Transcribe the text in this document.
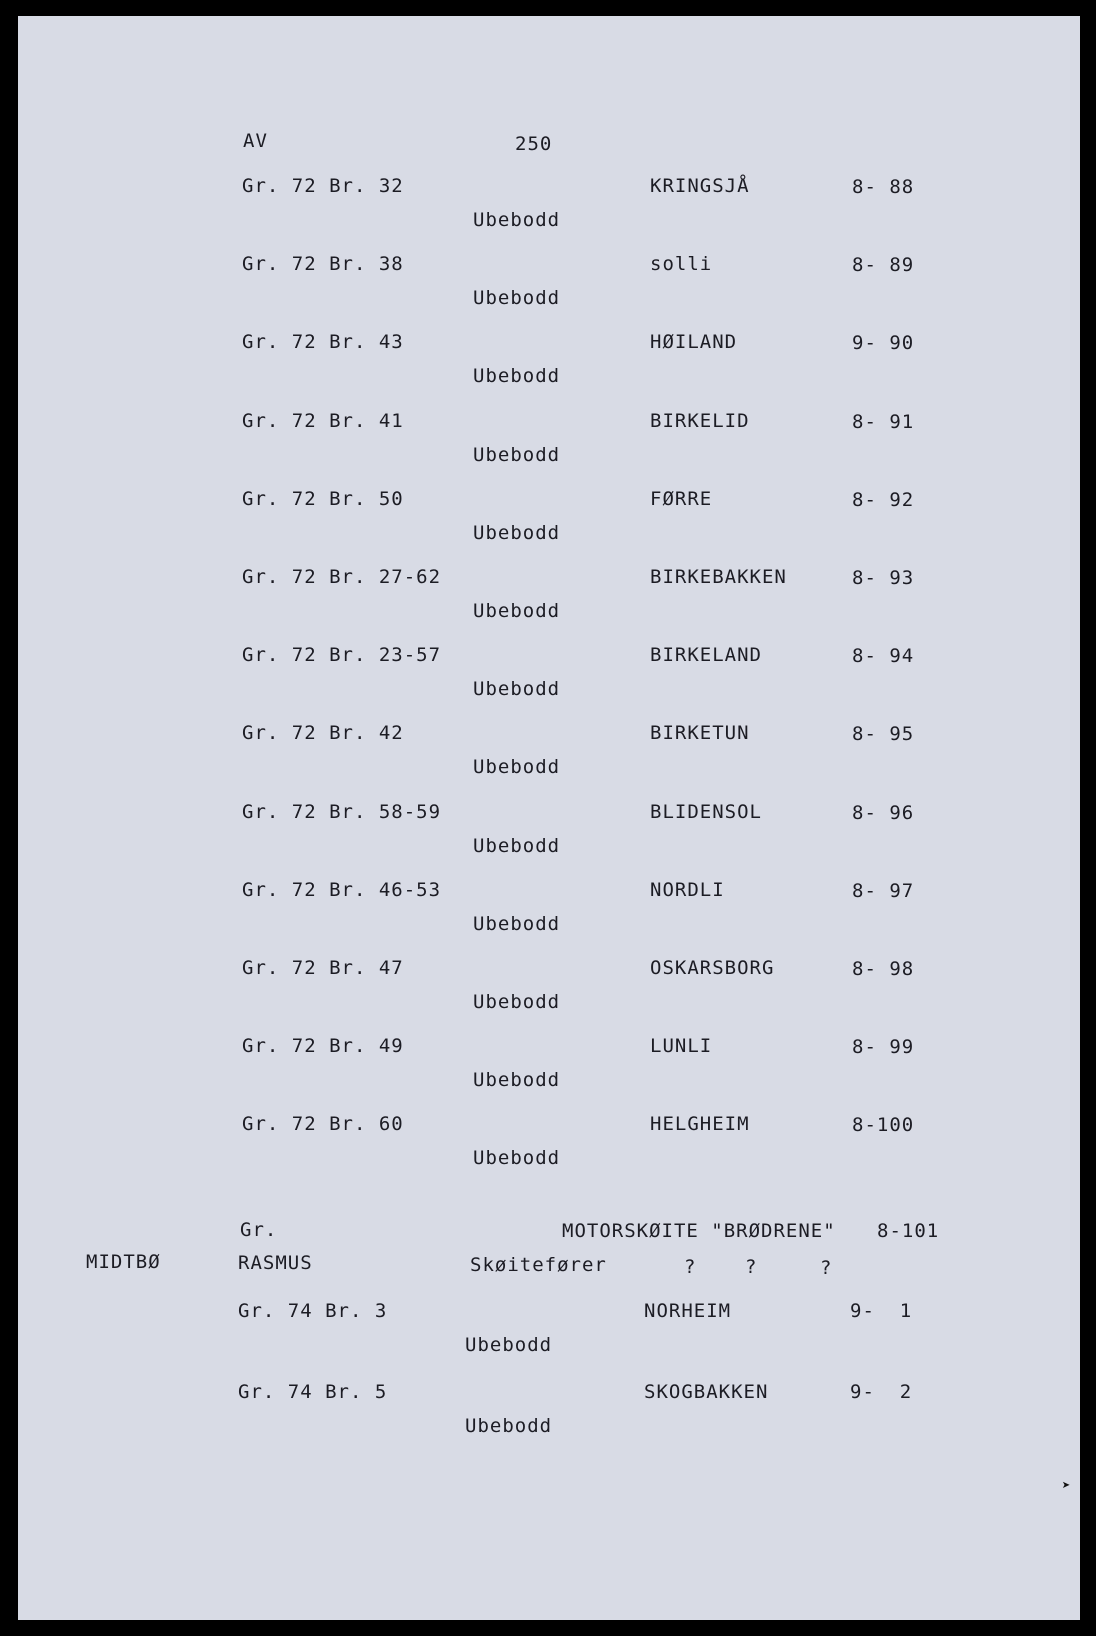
AV	250
Gr. 72 Br. 32	KRINGSJÅ	8- 88
Ubebodd
Gr. 72 Br. 38	solli	8- 89
Ubebodd
Gr. 72 Br. 43	HØILAND	9- 90
Ubebodd
Gr. 72 Br. 41	BIRKELID	8- 91
Ubebodd
Gr. 72 Br. 50	FØRRE	8- 92
Ubebodd
Gr. 72 Br. 27-62	BIRKEBAKKEN	8- 93
Ubebodd
Gr. 72 Br. 23-57	BIRKELAND	8- 94
Ubebodd
Gr. 72 Br. 42	BIRKETUN	8- 95
Ubebodd
Gr. 72 Br. 58-59	BLIDENSOL	8- 96
Ubebodd
Gr. 72 Br. 46-53	NORDLI	8- 97
Ubebodd
Gr. 72 Br. 47	OSKARSBORG	8- 98
Ubebodd
Gr. 72 Br. 49	LUNLI	8- 99
Ubebodd
Gr. 72 Br. 60	HELGHEIM	8-100
Ubebodd
Gr.	MOTORSKØITE "BRØDRENE" 8-101
MIDTBØ	RASMUS	Skøitefører	?	?	?
Gr. 74 Br. 3	NORHEIM	9-  1
Ubebodd
Gr. 74 Br. 5	SKOGBAKKEN	9-  2
Ubebodd

➤
